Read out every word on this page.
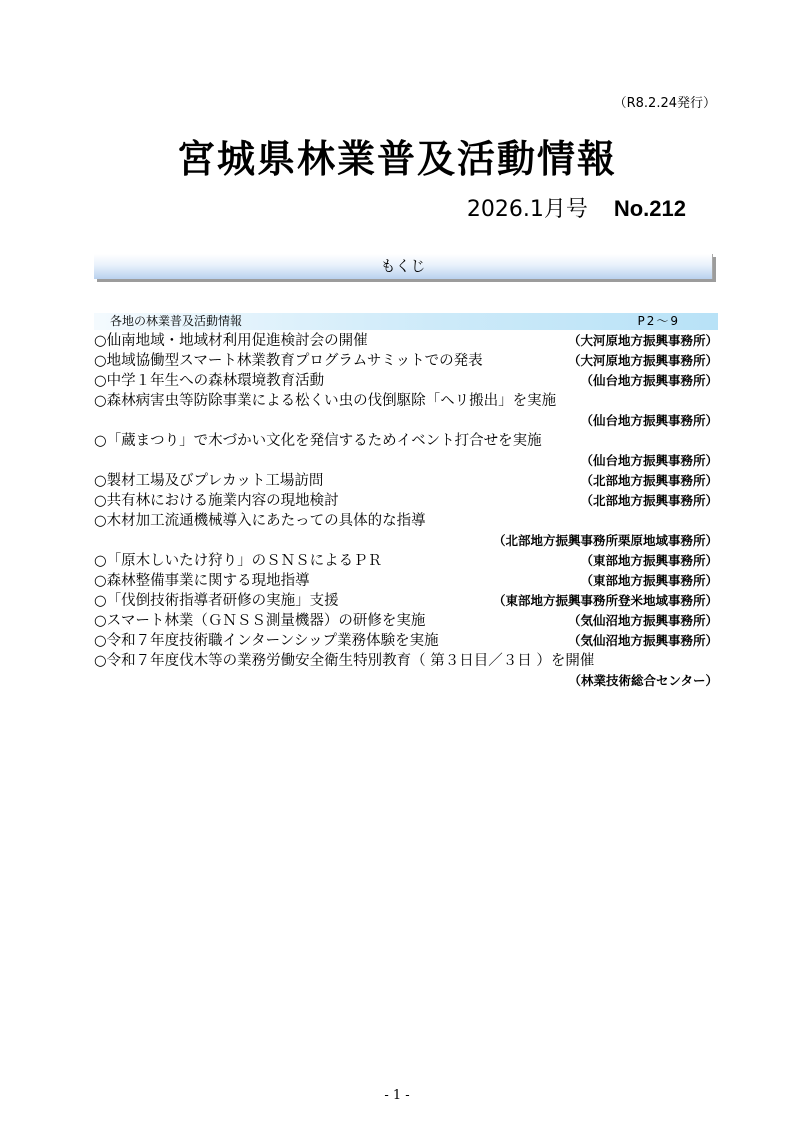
（R8.2.24発行）
宮城県林業普及活動情報
2026.1月号 No.212
もくじ
各地の林業普及活動情報	P2～9
○仙南地域・地域材利用促進検討会の開催	（大河原地方振興事務所）
○地域協働型スマート林業教育プログラムサミットでの発表	（大河原地方振興事務所）
○中学１年生への森林環境教育活動	（仙台地方振興事務所）
○森林病害虫等防除事業による松くい虫の伐倒駆除「ヘリ搬出」を実施
（仙台地方振興事務所）
○「蔵まつり」で木づかい文化を発信するためイベント打合せを実施
（仙台地方振興事務所）
○製材工場及びプレカット工場訪問	（北部地方振興事務所）
○共有林における施業内容の現地検討	（北部地方振興事務所）
○木材加工流通機械導入にあたっての具体的な指導
（北部地方振興事務所栗原地域事務所）
○「原木しいたけ狩り」のＳＮＳによるＰＲ	（東部地方振興事務所）
○森林整備事業に関する現地指導	（東部地方振興事務所）
○「伐倒技術指導者研修の実施」支援	（東部地方振興事務所登米地域事務所）
○スマート林業（ＧＮＳＳ測量機器）の研修を実施	（気仙沼地方振興事務所）
○令和７年度技術職インターンシップ業務体験を実施	（気仙沼地方振興事務所）
○令和７年度伐木等の業務労働安全衛生特別教育（ 第３日目／３日 ）を開催
（林業技術総合センター）
- 1 -
